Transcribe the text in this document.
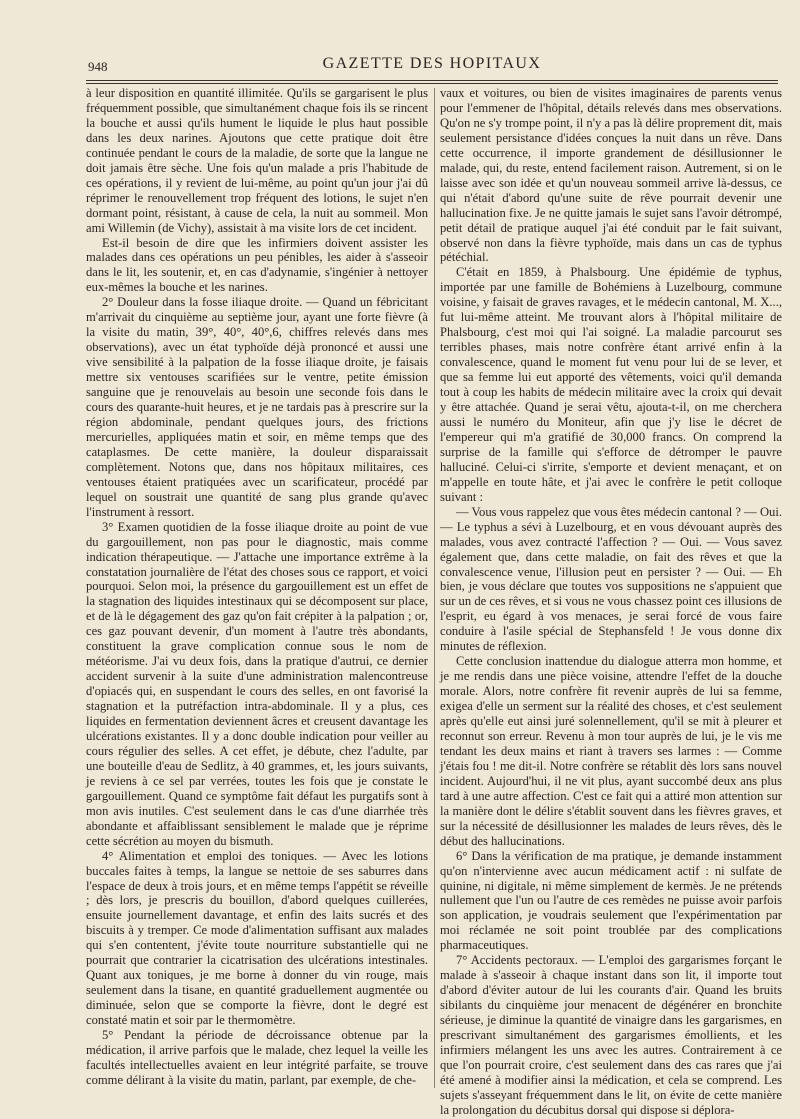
948	GAZETTE DES HOPITAUX

à leur disposition en quantité illimitée. Qu'ils se gargarisent le plus fréquemment possible, que simultanément chaque fois ils se rincent la bouche et aussi qu'ils hument le liquide le plus haut possible dans les deux narines. Ajoutons que cette pratique doit être continuée pendant le cours de la maladie, de sorte que la langue ne doit jamais être sèche. Une fois qu'un malade a pris l'habitude de ces opérations, il y revient de lui-même, au point qu'un jour j'ai dû réprimer le renouvellement trop fréquent des lotions, le sujet n'en dormant point, résistant, à cause de cela, la nuit au sommeil. Mon ami Willemin (de Vichy), assistait à ma visite lors de cet incident.

Est-il besoin de dire que les infirmiers doivent assister les malades dans ces opérations un peu pénibles, les aider à s'asseoir dans le lit, les soutenir, et, en cas d'adynamie, s'ingénier à nettoyer eux-mêmes la bouche et les narines.

2° Douleur dans la fosse iliaque droite. — Quand un fébricitant m'arrivait du cinquième au septième jour, ayant une forte fièvre (à la visite du matin, 39°, 40°, 40°,6, chiffres relevés dans mes observations), avec un état typhoïde déjà prononcé et aussi une vive sensibilité à la palpation de la fosse iliaque droite, je faisais mettre six ventouses scarifiées sur le ventre, petite émission sanguine que je renouvelais au besoin une seconde fois dans le cours des quarante-huit heures, et je ne tardais pas à prescrire sur la région abdominale, pendant quelques jours, des frictions mercurielles, appliquées matin et soir, en même temps que des cataplasmes. De cette manière, la douleur disparaissait complètement. Notons que, dans nos hôpitaux militaires, ces ventouses étaient pratiquées avec un scarificateur, procédé par lequel on soustrait une quantité de sang plus grande qu'avec l'instrument à ressort.

3° Examen quotidien de la fosse iliaque droite au point de vue du gargouillement, non pas pour le diagnostic, mais comme indication thérapeutique. — J'attache une importance extrême à la constatation journalière de l'état des choses sous ce rapport, et voici pourquoi. Selon moi, la présence du gargouillement est un effet de la stagnation des liquides intestinaux qui se décomposent sur place, et de là le dégagement des gaz qu'on fait crépiter à la palpation ; or, ces gaz pouvant devenir, d'un moment à l'autre très abondants, constituent la grave complication connue sous le nom de météorisme. J'ai vu deux fois, dans la pratique d'autrui, ce dernier accident survenir à la suite d'une administration malencontreuse d'opiacés qui, en suspendant le cours des selles, en ont favorisé la stagnation et la putréfaction intra-abdominale. Il y a plus, ces liquides en fermentation deviennent âcres et creusent davantage les ulcérations existantes. Il y a donc double indication pour veiller au cours régulier des selles. A cet effet, je débute, chez l'adulte, par une bouteille d'eau de Sedlitz, à 40 grammes, et, les jours suivants, je reviens à ce sel par verrées, toutes les fois que je constate le gargouillement. Quand ce symptôme fait défaut les purgatifs sont à mon avis inutiles. C'est seulement dans le cas d'une diarrhée très abondante et affaiblissant sensiblement le malade que je réprime cette sécrétion au moyen du bismuth.

4° Alimentation et emploi des toniques. — Avec les lotions buccales faites à temps, la langue se nettoie de ses saburres dans l'espace de deux à trois jours, et en même temps l'appétit se réveille ; dès lors, je prescris du bouillon, d'abord quelques cuillerées, ensuite journellement davantage, et enfin des laits sucrés et des biscuits à y tremper. Ce mode d'alimentation suffisant aux malades qui s'en contentent, j'évite toute nourriture substantielle qui ne pourrait que contrarier la cicatrisation des ulcérations intestinales. Quant aux toniques, je me borne à donner du vin rouge, mais seulement dans la tisane, en quantité graduellement augmentée ou diminuée, selon que se comporte la fièvre, dont le degré est constaté matin et soir par le thermomètre.

5° Pendant la période de décroissance obtenue par la médication, il arrive parfois que le malade, chez lequel la veille les facultés intellectuelles avaient en leur intégrité parfaite, se trouve comme délirant à la visite du matin, parlant, par exemple, de che-

vaux et voitures, ou bien de visites imaginaires de parents venus pour l'emmener de l'hôpital, détails relevés dans mes observations. Qu'on ne s'y trompe point, il n'y a pas là délire proprement dit, mais seulement persistance d'idées conçues la nuit dans un rêve. Dans cette occurrence, il importe grandement de désillusionner le malade, qui, du reste, entend facilement raison. Autrement, si on le laisse avec son idée et qu'un nouveau sommeil arrive là-dessus, ce qui n'était d'abord qu'une suite de rêve pourrait devenir une hallucination fixe. Je ne quitte jamais le sujet sans l'avoir détrompé, petit détail de pratique auquel j'ai été conduit par le fait suivant, observé non dans la fièvre typhoïde, mais dans un cas de typhus pétéchial.

C'était en 1859, à Phalsbourg. Une épidémie de typhus, importée par une famille de Bohémiens à Luzelbourg, commune voisine, y faisait de graves ravages, et le médecin cantonal, M. X..., fut lui-même atteint. Me trouvant alors à l'hôpital militaire de Phalsbourg, c'est moi qui l'ai soigné. La maladie parcourut ses terribles phases, mais notre confrère étant arrivé enfin à la convalescence, quand le moment fut venu pour lui de se lever, et que sa femme lui eut apporté des vêtements, voici qu'il demanda tout à coup les habits de médecin militaire avec la croix qui devait y être attachée. Quand je serai vêtu, ajouta-t-il, on me cherchera aussi le numéro du Moniteur, afin que j'y lise le décret de l'empereur qui m'a gratifié de 30,000 francs. On comprend la surprise de la famille qui s'efforce de détromper le pauvre halluciné. Celui-ci s'irrite, s'emporte et devient menaçant, et on m'appelle en toute hâte, et j'ai avec le confrère le petit colloque suivant :

— Vous vous rappelez que vous êtes médecin cantonal ? — Oui. — Le typhus a sévi à Luzelbourg, et en vous dévouant auprès des malades, vous avez contracté l'affection ? — Oui. — Vous savez également que, dans cette maladie, on fait des rêves et que la convalescence venue, l'illusion peut en persister ? — Oui. — Eh bien, je vous déclare que toutes vos suppositions ne s'appuient que sur un de ces rêves, et si vous ne vous chassez point ces illusions de l'esprit, eu égard à vos menaces, je serai forcé de vous faire conduire à l'asile spécial de Stephansfeld ! Je vous donne dix minutes de réflexion.

Cette conclusion inattendue du dialogue atterra mon homme, et je me rendis dans une pièce voisine, attendre l'effet de la douche morale. Alors, notre confrère fit revenir auprès de lui sa femme, exigea d'elle un serment sur la réalité des choses, et c'est seulement après qu'elle eut ainsi juré solennellement, qu'il se mit à pleurer et reconnut son erreur. Revenu à mon tour auprès de lui, je le vis me tendant les deux mains et riant à travers ses larmes : — Comme j'étais fou ! me dit-il. Notre confrère se rétablit dès lors sans nouvel incident. Aujourd'hui, il ne vit plus, ayant succombé deux ans plus tard à une autre affection. C'est ce fait qui a attiré mon attention sur la manière dont le délire s'établit souvent dans les fièvres graves, et sur la nécessité de désillusionner les malades de leurs rêves, dès le début des hallucinations.

6° Dans la vérification de ma pratique, je demande instamment qu'on n'intervienne avec aucun médicament actif : ni sulfate de quinine, ni digitale, ni même simplement de kermès. Je ne prétends nullement que l'un ou l'autre de ces remèdes ne puisse avoir parfois son application, je voudrais seulement que l'expérimentation par moi réclamée ne soit point troublée par des complications pharmaceutiques.

7° Accidents pectoraux. — L'emploi des gargarismes forçant le malade à s'asseoir à chaque instant dans son lit, il importe tout d'abord d'éviter autour de lui les courants d'air. Quand les bruits sibilants du cinquième jour menacent de dégénérer en bronchite sérieuse, je diminue la quantité de vinaigre dans les gargarismes, en prescrivant simultanément des gargarismes émollients, et les infirmiers mélangent les uns avec les autres. Contrairement à ce que l'on pourrait croire, c'est seulement dans des cas rares que j'ai été amené à modifier ainsi la médication, et cela se comprend. Les sujets s'asseyant fréquemment dans le lit, on évite de cette manière la prolongation du décubitus dorsal qui dispose si déplora-
